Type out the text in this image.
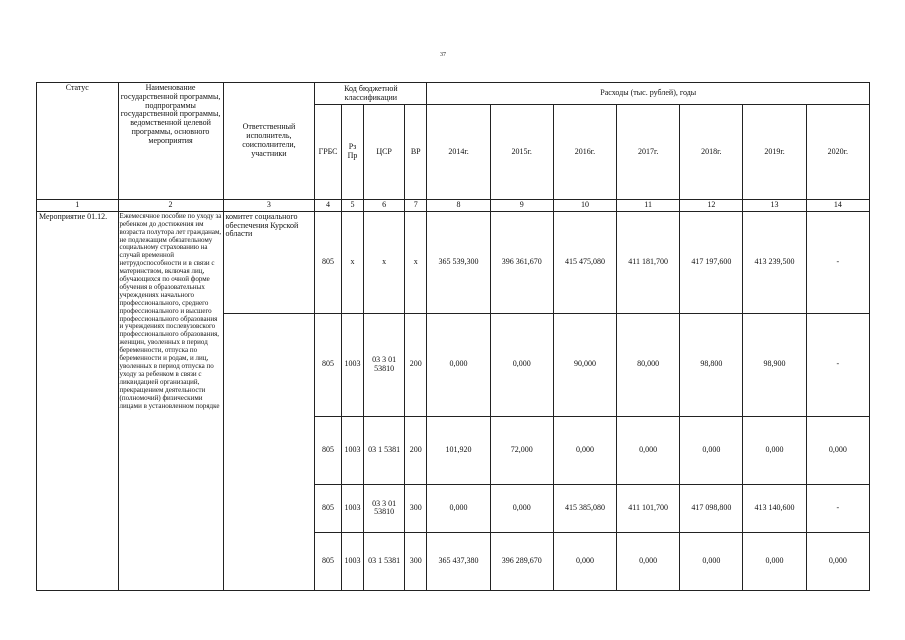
37
Статус	Наименование государственной программы, подпрограммы государственной программы, ведомственной целевой программы, основного мероприятия	Ответственный исполнитель, соисполнители, участники	Код бюджетной классификации				Расходы (тыс. рублей), годы						
			ГРБС	Рз Пр	ЦСР	ВР	2014г.	2015г.	2016г.	2017г.	2018г.	2019г.	2020г.
1	2	3	4	5	6	7	8	9	10	11	12	13	14
Мероприятие 01.12.	Ежемесячное пособие по уходу за ребенком до достижения им возраста полутора лет гражданам, не подлежащим обязательному социальному страхованию на случай временной нетрудоспособности и в связи с материнством, включая лиц, обучающихся по очной форме обучения в образовательных учреждениях начального профессионального, среднего профессионального и высшего профессионального образования и учреждениях послевузовского профессионального образования, женщин, уволенных в период беременности, отпуска по беременности и родам, и лиц, уволенных в период отпуска по уходу за ребенком в связи с ликвидацией организаций, прекращением деятельности (полномочий) физическими лицами в установленном порядке	комитет социального обеспечения Курской области	805	х	х	х	365 539,300	396 361,670	415 475,080	411 181,700	417 197,600	413 239,500	-
			805	1003	03 3 01 53810	200	0,000	0,000	90,000	80,000	98,800	98,900	-
			805	1003	03 1 5381	200	101,920	72,000	0,000	0,000	0,000	0,000	0,000
			805	1003	03 3 01 53810	300	0,000	0,000	415 385,080	411 101,700	417 098,800	413 140,600	-
			805	1003	03 1 5381	300	365 437,380	396 289,670	0,000	0,000	0,000	0,000	0,000
